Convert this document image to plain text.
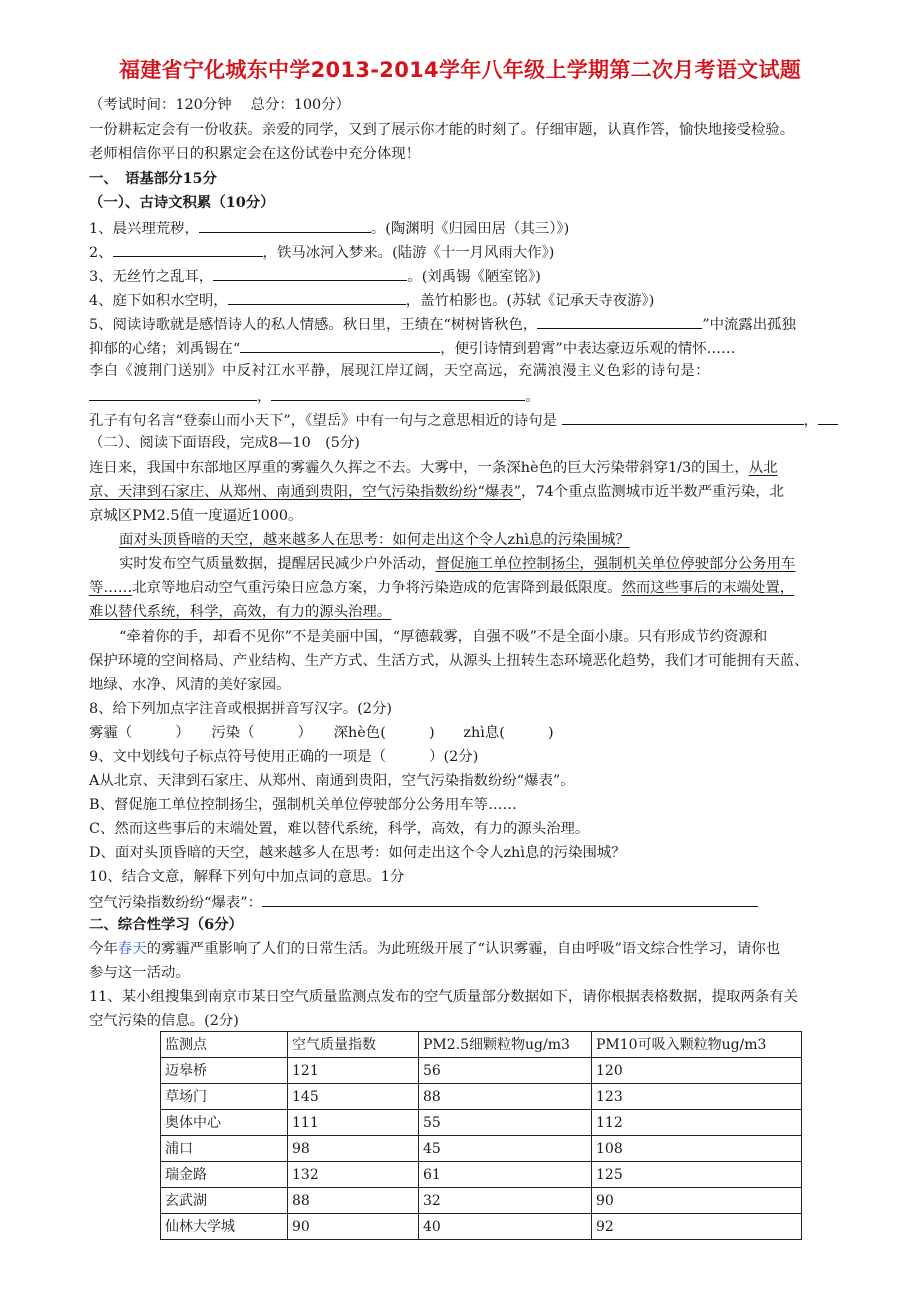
福建省宁化城东中学2013-2014学年八年级上学期第二次月考语文试题
（考试时间：120分钟　 总分：100分）
一份耕耘定会有一份收获。亲爱的同学，又到了展示你才能的时刻了。仔细审题，认真作答，愉快地接受检验。
老师相信你平日的积累定会在这份试卷中充分体现！
一、　语基部分15分
（一）、古诗文积累（10分）
1、晨兴理荒秽，	。(陶渊明《归园田居（其三）》)
2、	，铁马冰河入梦来。(陆游《十一月风雨大作》)
3、无丝竹之乱耳，	。(刘禹锡《陋室铭》)
4、庭下如积水空明，	，盖竹柏影也。(苏轼《记承天寺夜游》)
5、阅读诗歌就是感悟诗人的私人情感。秋日里，王绩在“树树皆秋色，	”中流露出孤独
抑郁的心绪；刘禹锡在“	，便引诗情到碧霄”中表达豪迈乐观的情怀……
李白《渡荆门送别》中反衬江水平静，展现江岸辽阔，天空高远，充满浪漫主义色彩的诗句是：
，	。
孔子有句名言“登泰山而小天下”，《望岳》中有一句与之意思相近的诗句是	，
（二）、阅读下面语段，完成8—10　(5分)
连日来，我国中东部地区厚重的雾霾久久挥之不去。大雾中，一条深hè色的巨大污染带斜穿1/3的国土，从北
京、天津到石家庄、从郑州、南通到贵阳，空气污染指数纷纷“爆表”，74个重点监测城市近半数严重污染，北
京城区PM2.5值一度逼近1000。
面对头顶昏暗的天空，越来越多人在思考：如何走出这个令人zhì息的污染围城？
实时发布空气质量数据，提醒居民减少户外活动，督促施工单位控制扬尘，强制机关单位停驶部分公务用车
等……北京等地启动空气重污染日应急方案，力争将污染造成的危害降到最低限度。然而这些事后的末端处置，
难以替代系统，科学，高效，有力的源头治理。
“牵着你的手，却看不见你”不是美丽中国，“厚德载雾，自强不吸”不是全面小康。只有形成节约资源和
保护环境的空间格局、产业结构、生产方式、生活方式，从源头上扭转生态环境恶化趋势，我们才可能拥有天蓝、
地绿、水净、风清的美好家园。
8、给下列加点字注音或根据拼音写汉字。(2分)
雾霾（　　　）　　污染（　　　）　　深hè色(　　　)　　zhì息(　　　)
9、文中划线句子标点符号使用正确的一项是（　　　）(2分)
A从北京、天津到石家庄、从郑州、南通到贵阳，空气污染指数纷纷“爆表”。
B、督促施工单位控制扬尘，强制机关单位停驶部分公务用车等……
C、然而这些事后的末端处置，难以替代系统，科学，高效，有力的源头治理。
D、面对头顶昏暗的天空，越来越多人在思考：如何走出这个令人zhì息的污染围城？
10、结合文意，解释下列句中加点词的意思。1分
空气污染指数纷纷“爆表”：
二、综合性学习（6分）
今年春天的雾霾严重影响了人们的日常生活。为此班级开展了“认识雾霾，自由呼吸”语文综合性学习，请你也
参与这一活动。
11、某小组搜集到南京市某日空气质量监测点发布的空气质量部分数据如下，请你根据表格数据，提取两条有关
空气污染的信息。(2分)
监测点	空气质量指数	PM2.5细颗粒物ug/m3	PM10可吸入颗粒物ug/m3
迈皋桥	121	56	120
草场门	145	88	123
奥体中心	111	55	112
浦口	98	45	108
瑞金路	132	61	125
玄武湖	88	32	90
仙林大学城	90	40	92
